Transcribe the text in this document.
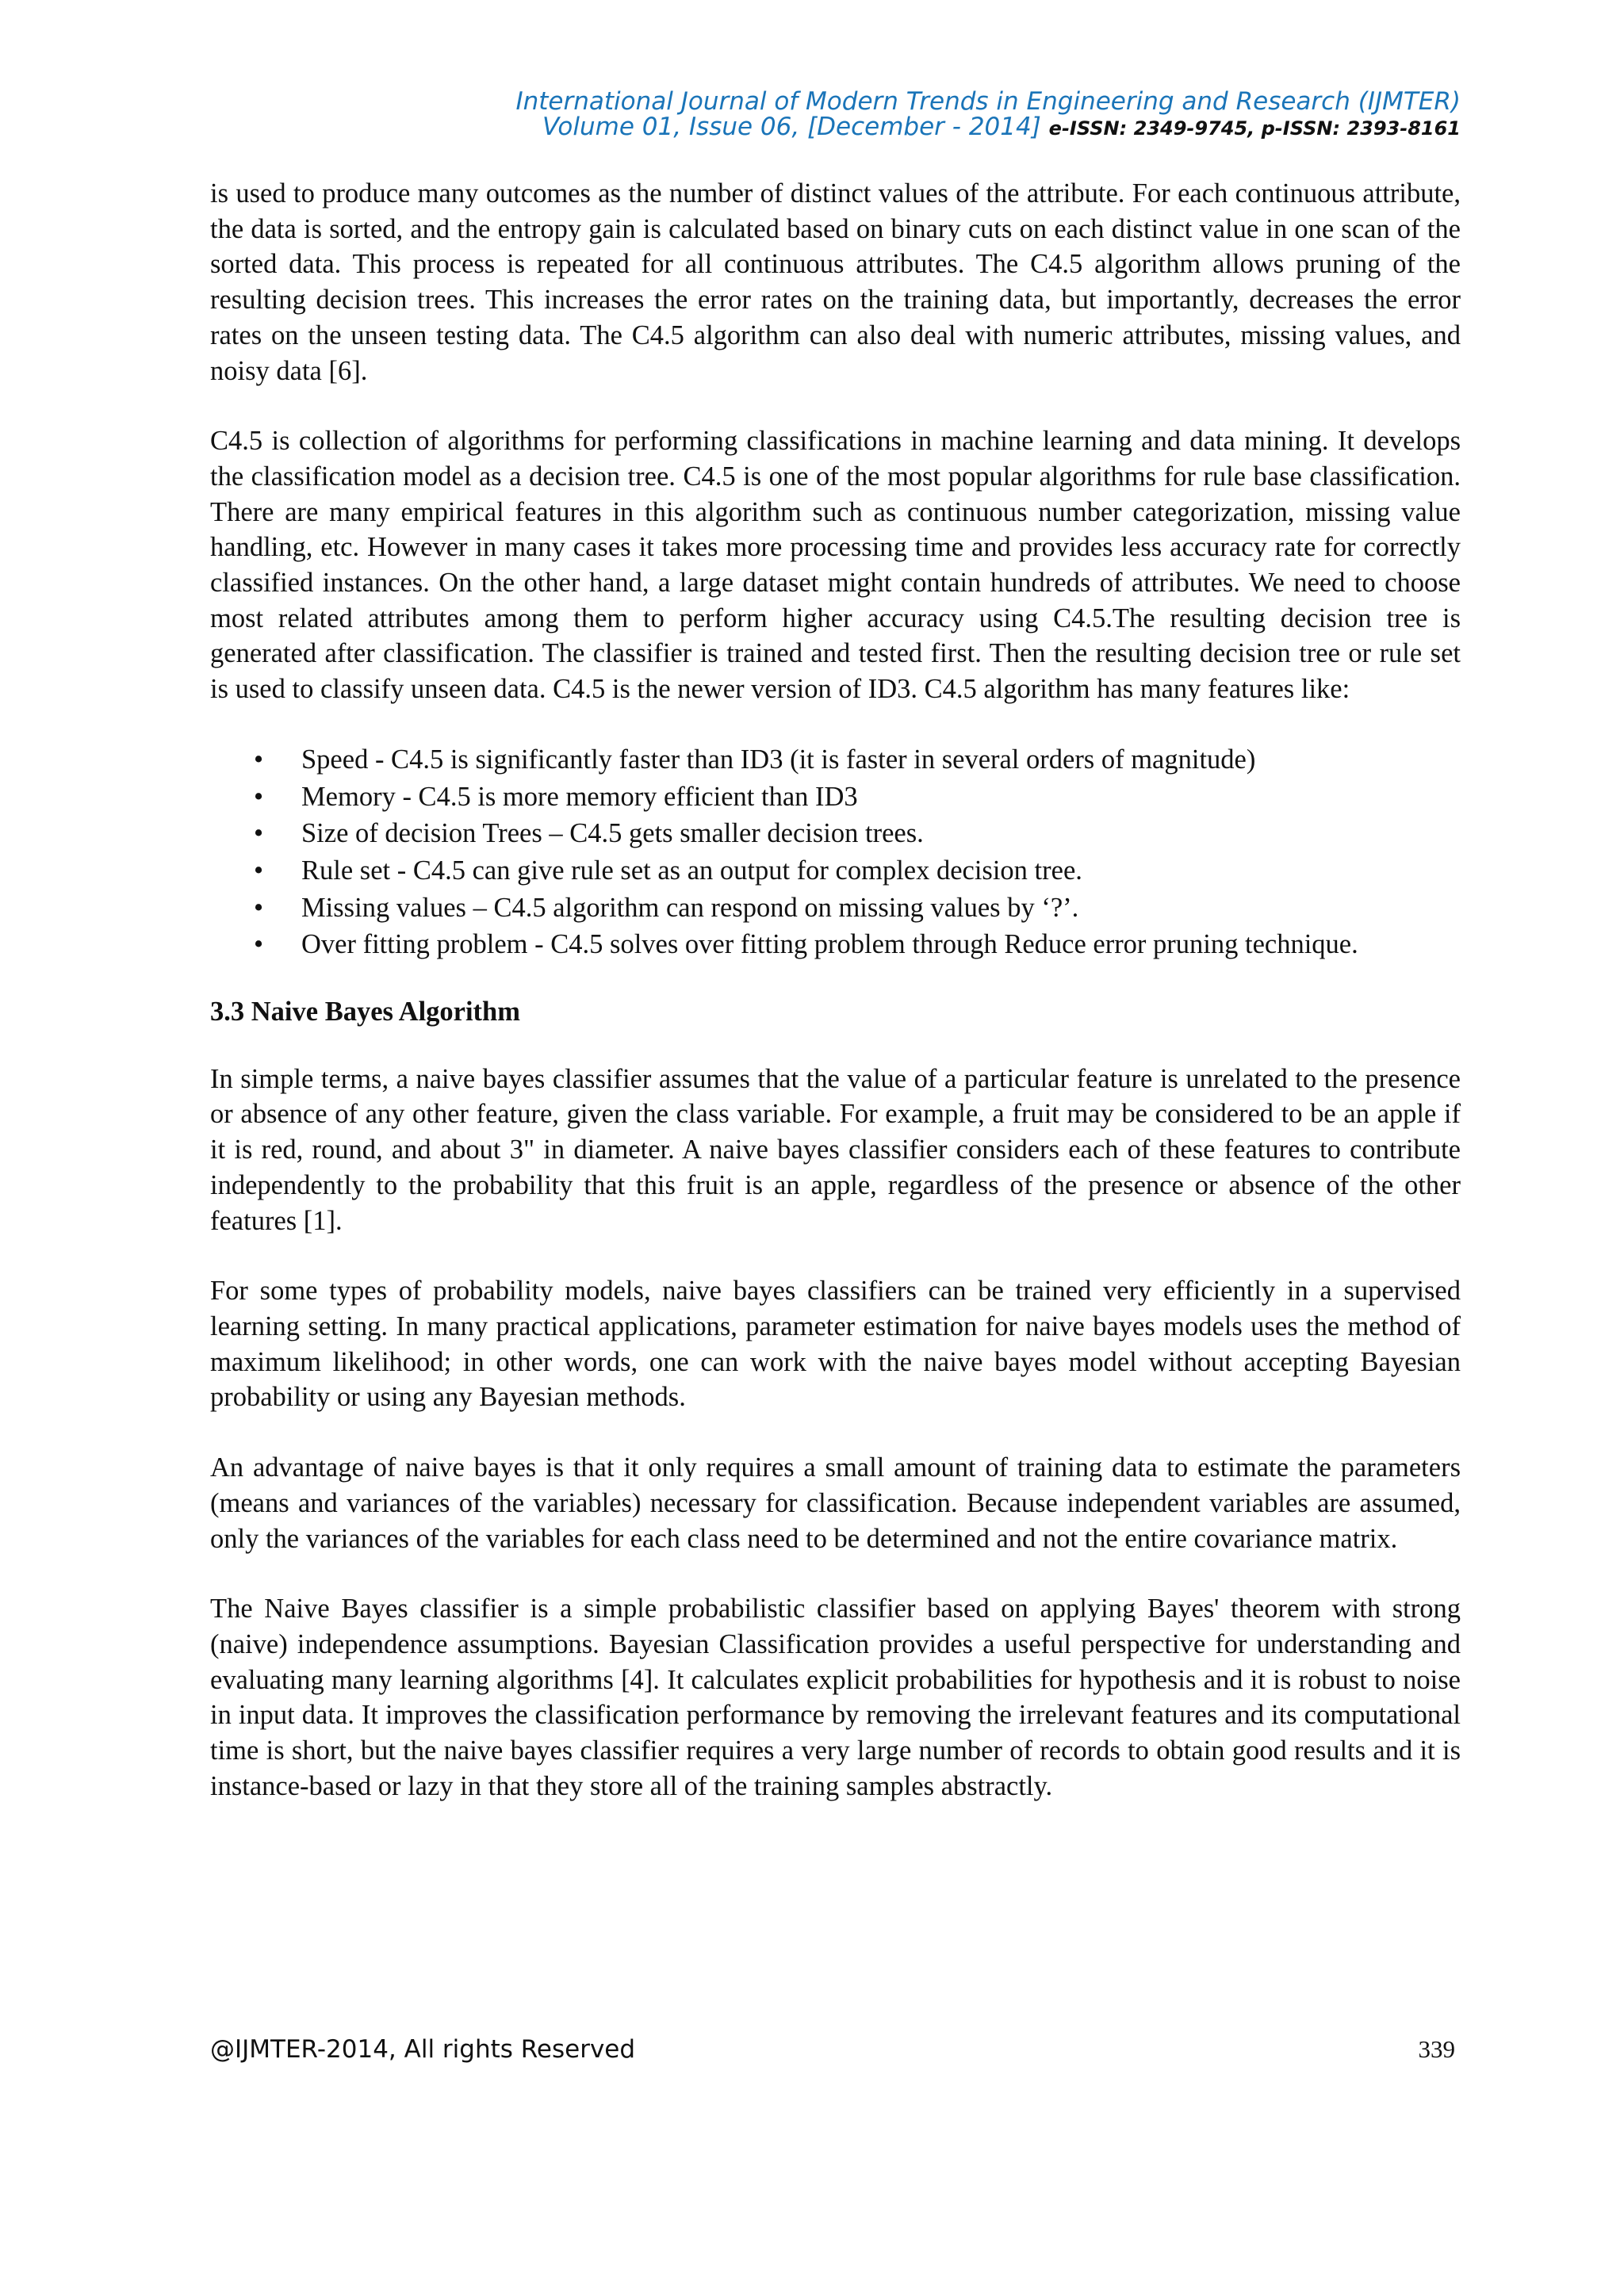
International Journal of Modern Trends in Engineering and Research (IJMTER)
Volume 01, Issue 06, [December - 2014] e-ISSN: 2349-9745, p-ISSN: 2393-8161

is used to produce many outcomes as the number of distinct values of the attribute. For each continuous attribute, the data is sorted, and the entropy gain is calculated based on binary cuts on each distinct value in one scan of the sorted data. This process is repeated for all continuous attributes. The C4.5 algorithm allows pruning of the resulting decision trees. This increases the error rates on the training data, but importantly, decreases the error rates on the unseen testing data. The C4.5 algorithm can also deal with numeric attributes, missing values, and noisy data [6].

C4.5 is collection of algorithms for performing classifications in machine learning and data mining. It develops the classification model as a decision tree. C4.5 is one of the most popular algorithms for rule base classification. There are many empirical features in this algorithm such as continuous number categorization, missing value handling, etc. However in many cases it takes more processing time and provides less accuracy rate for correctly classified instances. On the other hand, a large dataset might contain hundreds of attributes. We need to choose most related attributes among them to perform higher accuracy using C4.5.The resulting decision tree is generated after classification. The classifier is trained and tested first. Then the resulting decision tree or rule set is used to classify unseen data. C4.5 is the newer version of ID3. C4.5 algorithm has many features like:

• Speed - C4.5 is significantly faster than ID3 (it is faster in several orders of magnitude)
• Memory - C4.5 is more memory efficient than ID3
• Size of decision Trees – C4.5 gets smaller decision trees.
• Rule set - C4.5 can give rule set as an output for complex decision tree.
• Missing values – C4.5 algorithm can respond on missing values by ‘?’.
• Over fitting problem - C4.5 solves over fitting problem through Reduce error pruning technique.
3.3 Naive Bayes Algorithm

In simple terms, a naive bayes classifier assumes that the value of a particular feature is unrelated to the presence or absence of any other feature, given the class variable. For example, a fruit may be considered to be an apple if it is red, round, and about 3" in diameter. A naive bayes classifier considers each of these features to contribute independently to the probability that this fruit is an apple, regardless of the presence or absence of the other features [1].

For some types of probability models, naive bayes classifiers can be trained very efficiently in a supervised learning setting. In many practical applications, parameter estimation for naive bayes models uses the method of maximum likelihood; in other words, one can work with the naive bayes model without accepting Bayesian probability or using any Bayesian methods.

An advantage of naive bayes is that it only requires a small amount of training data to estimate the parameters (means and variances of the variables) necessary for classification. Because independent variables are assumed, only the variances of the variables for each class need to be determined and not the entire covariance matrix.

The Naive Bayes classifier is a simple probabilistic classifier based on applying Bayes' theorem with strong (naive) independence assumptions. Bayesian Classification provides a useful perspective for understanding and evaluating many learning algorithms [4]. It calculates explicit probabilities for hypothesis and it is robust to noise in input data. It improves the classification performance by removing the irrelevant features and its computational time is short, but the naive bayes classifier requires a very large number of records to obtain good results and it is instance-based or lazy in that they store all of the training samples abstractly.

@IJMTER-2014, All rights Reserved	339
